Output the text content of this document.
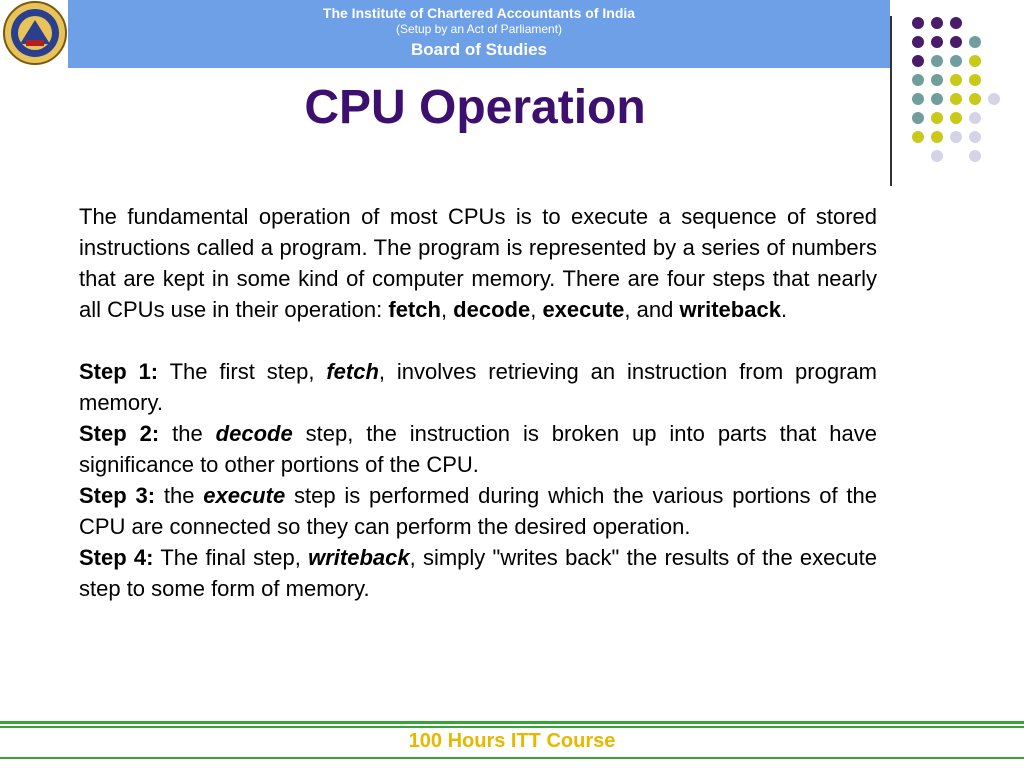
The Institute of Chartered Accountants of India
(Setup by an Act of Parliament)
Board of Studies
CPU Operation

The fundamental operation of most CPUs is to execute a sequence of stored instructions called a program. The program is represented by a series of numbers that are kept in some kind of computer memory. There are four steps that nearly all CPUs use in their operation: fetch, decode, execute, and writeback.

Step 1: The first step, fetch, involves retrieving an instruction from program memory.

Step 2: the decode step, the instruction is broken up into parts that have significance to other portions of the CPU.

Step 3: the execute step is performed during which the various portions of the CPU are connected so they can perform the desired operation.

Step 4: The final step, writeback, simply "writes back" the results of the execute step to some form of memory.

100 Hours ITT Course
